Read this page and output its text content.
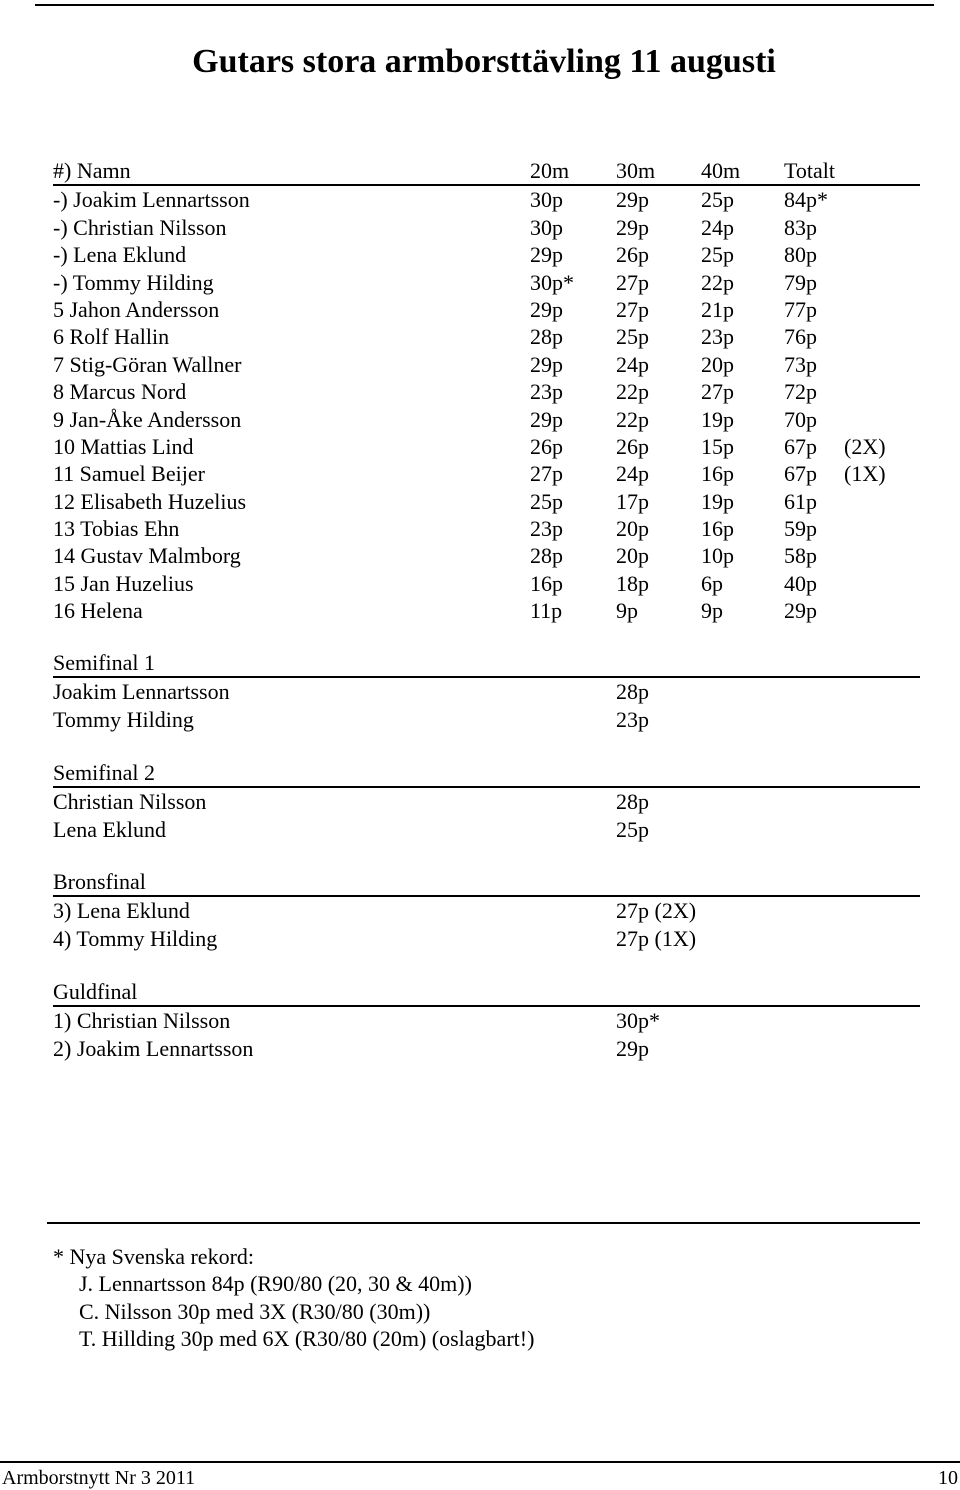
Gutars stora armborsttävling 11 augusti
#) Namn	20m 30m 40m Totalt
-) Joakim Lennartsson	30p 29p 25p 84p*
-) Christian Nilsson	30p 29p 24p 83p
-) Lena Eklund	29p 26p 25p 80p
-) Tommy Hilding	30p* 27p 22p 79p
5 Jahon Andersson	29p 27p 21p 77p
6 Rolf Hallin	28p 25p 23p 76p
7 Stig-Göran Wallner	29p 24p 20p 73p
8 Marcus Nord	23p 22p 27p 72p
9 Jan-Åke Andersson	29p 22p 19p 70p
10 Mattias Lind	26p 26p 15p 67p (2X)
11 Samuel Beijer	27p 24p 16p 67p (1X)
12 Elisabeth Huzelius	25p 17p 19p 61p
13 Tobias Ehn	23p 20p 16p 59p
14 Gustav Malmborg	28p 20p 10p 58p
15 Jan Huzelius	16p 18p 6p	40p
16 Helena	11p 9p	9p	29p
Semifinal 1
Joakim Lennartsson	28p
Tommy Hilding	23p
Semifinal 2
Christian Nilsson	28p
Lena Eklund	25p
Bronsfinal
3) Lena Eklund	27p (2X)
4) Tommy Hilding	27p (1X)
Guldfinal
1) Christian Nilsson	30p*
2) Joakim Lennartsson	29p
* Nya Svenska rekord:
J. Lennartsson 84p (R90/80 (20, 30 & 40m))
C. Nilsson 30p med 3X (R30/80 (30m))
T. Hillding 30p med 6X (R30/80 (20m) (oslagbart!)
Armborstnytt Nr 3 2011	10
